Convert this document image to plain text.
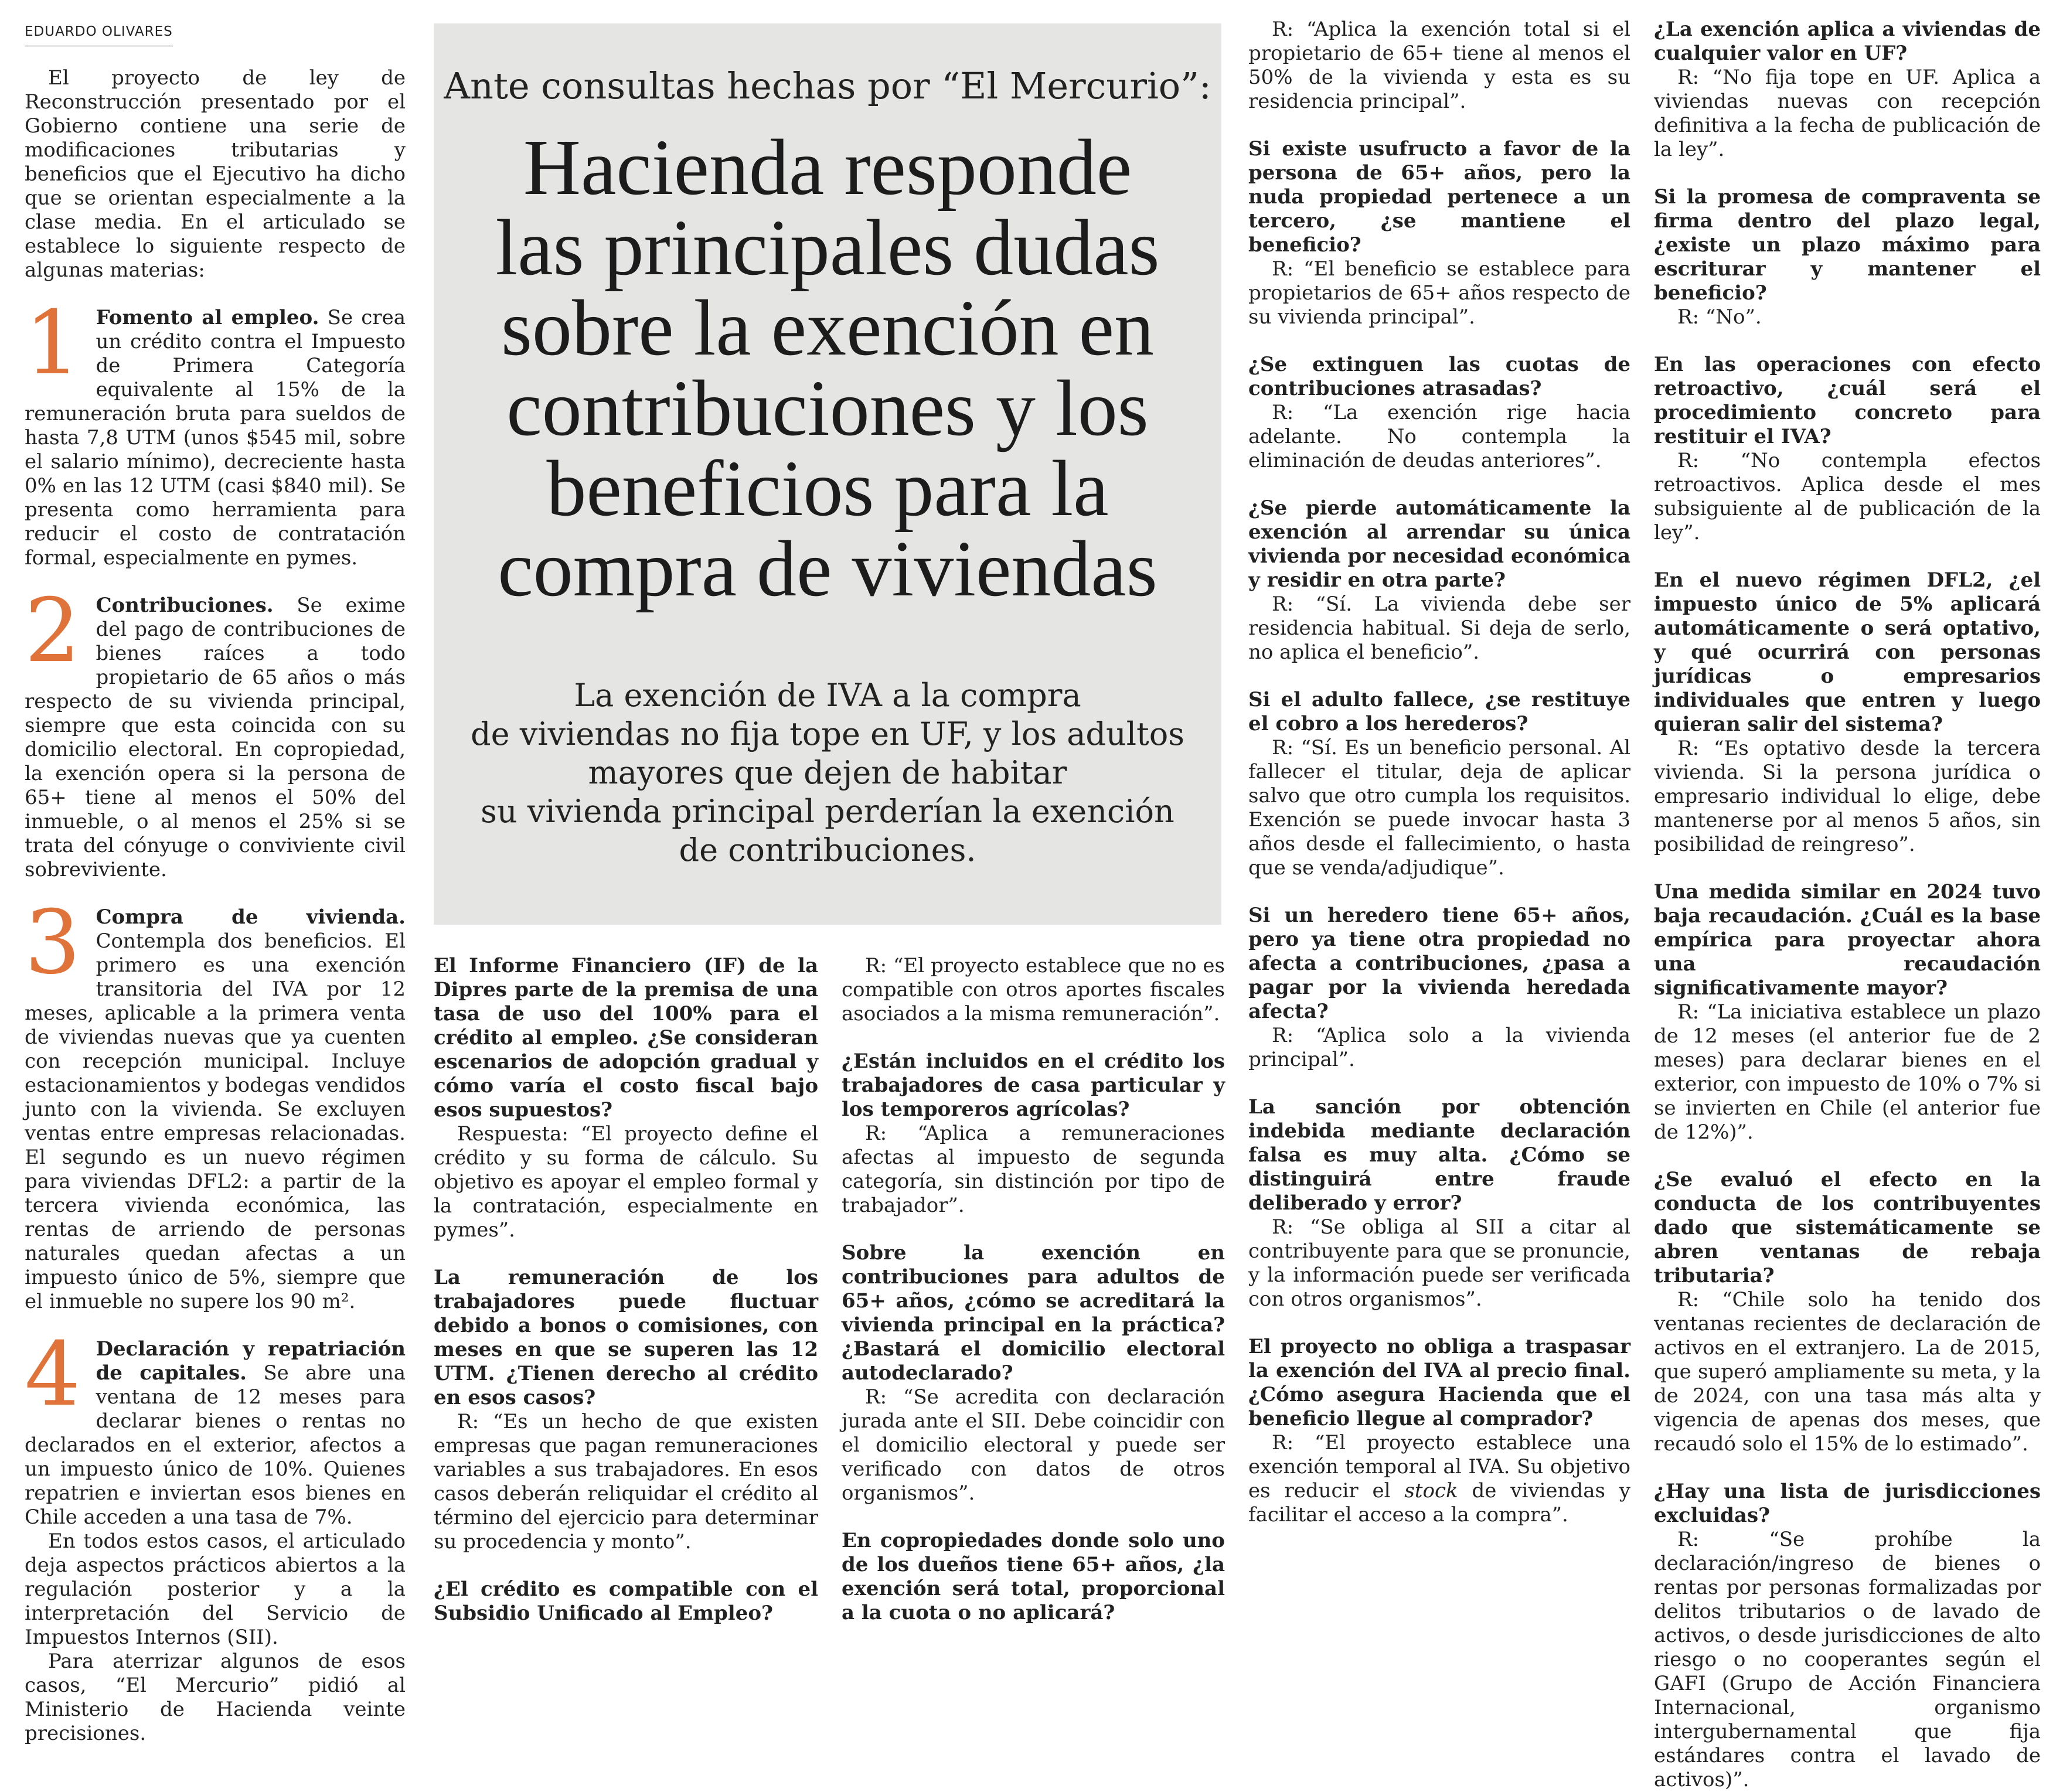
EDUARDO OLIVARES

El proyecto de ley de Reconstrucción presentado por el Gobierno contiene una serie de modificaciones tributarias y beneficios que el Ejecutivo ha dicho que se orientan especialmente a la clase media. En el articulado se establece lo siguiente respecto de algunas materias:

1 Fomento al empleo. Se crea un crédito contra el Impuesto de Primera Categoría equivalente al 15% de la remuneración bruta para sueldos de hasta 7,8 UTM (unos $545 mil, sobre el salario mínimo), decreciente hasta 0% en las 12 UTM (casi $840 mil). Se presenta como herramienta para reducir el costo de contratación formal, especialmente en pymes.
2 Contribuciones. Se exime del pago de contribuciones de bienes raíces a todo propietario de 65 años o más respecto de su vivienda principal, siempre que esta coincida con su domicilio electoral. En copropiedad, la exención opera si la persona de 65+ tiene al menos el 50% del inmueble, o al menos el 25% si se trata del cónyuge o conviviente civil sobreviviente.
3 Compra de vivienda. Contempla dos beneficios. El primero es una exención transitoria del IVA por 12 meses, aplicable a la primera venta de viviendas nuevas que ya cuenten con recepción municipal. Incluye estacionamientos y bodegas vendidos junto con la vivienda. Se excluyen ventas entre empresas relacionadas. El segundo es un nuevo régimen para viviendas DFL2: a partir de la tercera vivienda económica, las rentas de arriendo de personas naturales quedan afectas a un impuesto único de 5%, siempre que el inmueble no supere los 90 m².
4 Declaración y repatriación de capitales. Se abre una ventana de 12 meses para declarar bienes o rentas no declarados en el exterior, afectos a un impuesto único de 10%. Quienes repatrien e inviertan esos bienes en Chile acceden a una tasa de 7%.

En todos estos casos, el articulado deja aspectos prácticos abiertos a la regulación posterior y a la interpretación del Servicio de Impuestos Internos (SII).

Para aterrizar algunos de esos casos, “El Mercurio” pidió al Ministerio de Hacienda veinte precisiones.

Ante consultas hechas por “El Mercurio”:
Hacienda responde
las principales dudas
sobre la exención en
contribuciones y los
beneficios para la
compra de viviendas
La exención de IVA a la compra
de viviendas no fija tope en UF, y los adultos
mayores que dejen de habitar
su vivienda principal perderían la exención
de contribuciones.

El Informe Financiero (IF) de la Dipres parte de la premisa de una tasa de uso del 100% para el crédito al empleo. ¿Se consideran escenarios de adopción gradual y cómo varía el costo fiscal bajo esos supuestos?

Respuesta: “El proyecto define el crédito y su forma de cálculo. Su objetivo es apoyar el empleo formal y la contratación, especialmente en pymes”.

La remuneración de los trabajadores puede fluctuar debido a bonos o comisiones, con meses en que se superen las 12 UTM. ¿Tienen derecho al crédito en esos casos?

R: “Es un hecho de que existen empresas que pagan remuneraciones variables a sus trabajadores. En esos casos deberán reliquidar el crédito al término del ejercicio para determinar su procedencia y monto”.

¿El crédito es compatible con el Subsidio Unificado al Empleo?

R: “El proyecto establece que no es compatible con otros aportes fiscales asociados a la misma remuneración”.

¿Están incluidos en el crédito los trabajadores de casa particular y los temporeros agrícolas?

R: “Aplica a remuneraciones afectas al impuesto de segunda categoría, sin distinción por tipo de trabajador”.

Sobre la exención en contribuciones para adultos de 65+ años, ¿cómo se acreditará la vivienda principal en la práctica? ¿Bastará el domicilio electoral autodeclarado?

R: “Se acredita con declaración jurada ante el SII. Debe coincidir con el domicilio electoral y puede ser verificado con datos de otros organismos”.

En copropiedades donde solo uno de los dueños tiene 65+ años, ¿la exención será total, proporcional a la cuota o no aplicará?

R: “Aplica la exención total si el propietario de 65+ tiene al menos el 50% de la vivienda y esta es su residencia principal”.

Si existe usufructo a favor de la persona de 65+ años, pero la nuda propiedad pertenece a un tercero, ¿se mantiene el beneficio?

R: “El beneficio se establece para propietarios de 65+ años respecto de su vivienda principal”.

¿Se extinguen las cuotas de contribuciones atrasadas?

R: “La exención rige hacia adelante. No contempla la eliminación de deudas anteriores”.

¿Se pierde automáticamente la exención al arrendar su única vivienda por necesidad económica y residir en otra parte?

R: “Sí. La vivienda debe ser residencia habitual. Si deja de serlo, no aplica el beneficio”.

Si el adulto fallece, ¿se restituye el cobro a los herederos?

R: “Sí. Es un beneficio personal. Al fallecer el titular, deja de aplicar salvo que otro cumpla los requisitos. Exención se puede invocar hasta 3 años desde el fallecimiento, o hasta que se venda/adjudique”.

Si un heredero tiene 65+ años, pero ya tiene otra propiedad no afecta a contribuciones, ¿pasa a pagar por la vivienda heredada afecta?

R: “Aplica solo a la vivienda principal”.

La sanción por obtención indebida mediante declaración falsa es muy alta. ¿Cómo se distinguirá entre fraude deliberado y error?

R: “Se obliga al SII a citar al contribuyente para que se pronuncie, y la información puede ser verificada con otros organismos”.

El proyecto no obliga a traspasar la exención del IVA al precio final. ¿Cómo asegura Hacienda que el beneficio llegue al comprador?

R: “El proyecto establece una exención temporal al IVA. Su objetivo es reducir el stock de viviendas y facilitar el acceso a la compra”.

¿La exención aplica a viviendas de cualquier valor en UF?

R: “No fija tope en UF. Aplica a viviendas nuevas con recepción definitiva a la fecha de publicación de la ley”.

Si la promesa de compraventa se firma dentro del plazo legal, ¿existe un plazo máximo para escriturar y mantener el beneficio?

R: “No”.

En las operaciones con efecto retroactivo, ¿cuál será el procedimiento concreto para restituir el IVA?

R: “No contempla efectos retroactivos. Aplica desde el mes subsiguiente al de publicación de la ley”.

En el nuevo régimen DFL2, ¿el impuesto único de 5% aplicará automáticamente o será optativo, y qué ocurrirá con personas jurídicas o empresarios individuales que entren y luego quieran salir del sistema?

R: “Es optativo desde la tercera vivienda. Si la persona jurídica o empresario individual lo elige, debe mantenerse por al menos 5 años, sin posibilidad de reingreso”.

Una medida similar en 2024 tuvo baja recaudación. ¿Cuál es la base empírica para proyectar ahora una recaudación significativamente mayor?

R: “La iniciativa establece un plazo de 12 meses (el anterior fue de 2 meses) para declarar bienes en el exterior, con impuesto de 10% o 7% si se invierten en Chile (el anterior fue de 12%)”.

¿Se evaluó el efecto en la conducta de los contribuyentes dado que sistemáticamente se abren ventanas de rebaja tributaria?

R: “Chile solo ha tenido dos ventanas recientes de declaración de activos en el extranjero. La de 2015, que superó ampliamente su meta, y la de 2024, con una tasa más alta y vigencia de apenas dos meses, que recaudó solo el 15% de lo estimado”.

¿Hay una lista de jurisdicciones excluidas?

R: “Se prohíbe la declaración/ingreso de bienes o rentas por personas formalizadas por delitos tributarios o de lavado de activos, o desde jurisdicciones de alto riesgo o no cooperantes según el GAFI (Grupo de Acción Financiera Internacional, organismo intergubernamental que fija estándares contra el lavado de activos)”.
